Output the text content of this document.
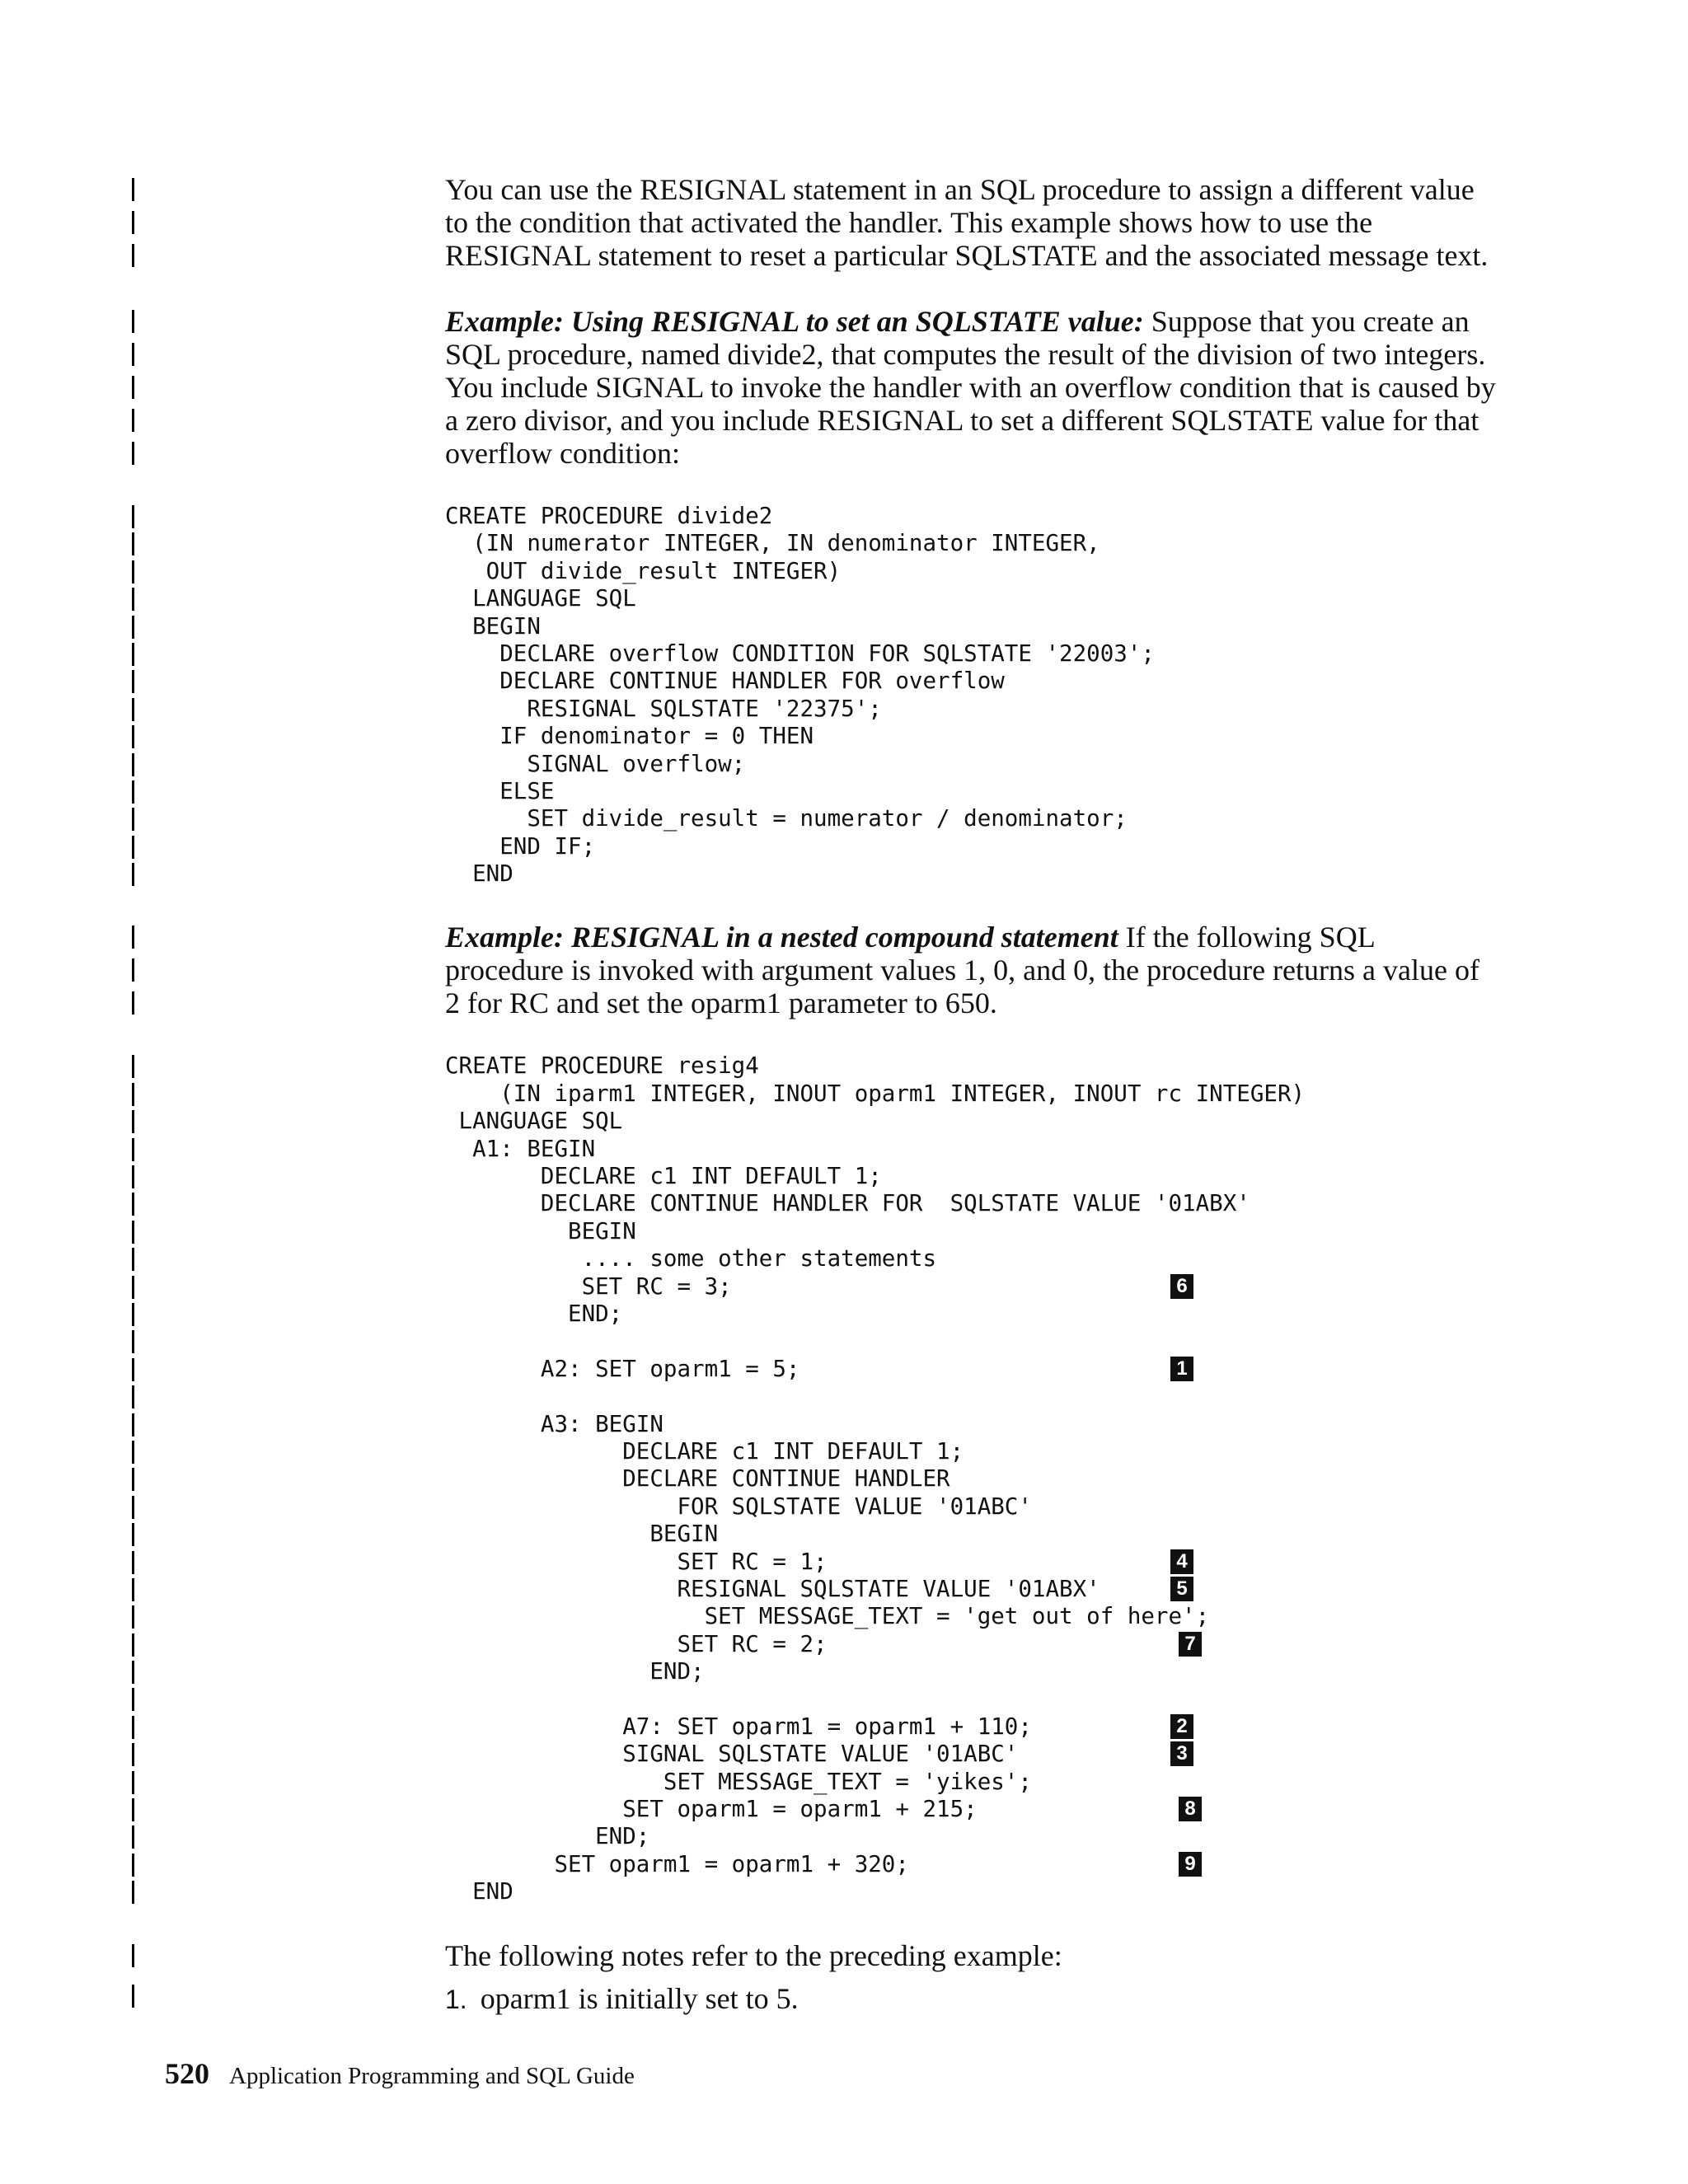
You can use the RESIGNAL statement in an SQL procedure to assign a different value to the condition that activated the handler. This example shows how to use the RESIGNAL statement to reset a particular SQLSTATE and the associated message text.

Example: Using RESIGNAL to set an SQLSTATE value: Suppose that you create an SQL procedure, named divide2, that computes the result of the division of two integers. You include SIGNAL to invoke the handler with an overflow condition that is caused by a zero divisor, and you include RESIGNAL to set a different SQLSTATE value for that overflow condition:

CREATE PROCEDURE divide2
(IN numerator INTEGER, IN denominator INTEGER,
OUT divide_result INTEGER)
LANGUAGE SQL
BEGIN
DECLARE overflow CONDITION FOR SQLSTATE '22003';
DECLARE CONTINUE HANDLER FOR overflow
RESIGNAL SQLSTATE '22375';
IF denominator = 0 THEN
SIGNAL overflow;
ELSE
SET divide_result = numerator / denominator;
END IF;
END

Example: RESIGNAL in a nested compound statement If the following SQL procedure is invoked with argument values 1, 0, and 0, the procedure returns a value of 2 for RC and set the oparm1 parameter to 650.

CREATE PROCEDURE resig4
(IN iparm1 INTEGER, INOUT oparm1 INTEGER, INOUT rc INTEGER)
LANGUAGE SQL
A1: BEGIN
DECLARE c1 INT DEFAULT 1;
DECLARE CONTINUE HANDLER FOR  SQLSTATE VALUE '01ABX'
BEGIN
.... some other statements
SET RC = 3;	6
END;
A2: SET oparm1 = 5;	1
A3: BEGIN
DECLARE c1 INT DEFAULT 1;
DECLARE CONTINUE HANDLER
FOR SQLSTATE VALUE '01ABC'
BEGIN
SET RC = 1;	4
RESIGNAL SQLSTATE VALUE '01ABX'	5
SET MESSAGE_TEXT = 'get out of here';
SET RC = 2;	7
END;
A7: SET oparm1 = oparm1 + 110;	2
SIGNAL SQLSTATE VALUE '01ABC'	3
SET MESSAGE_TEXT = 'yikes';
SET oparm1 = oparm1 + 215;	8
END;
SET oparm1 = oparm1 + 320;	9
END

The following notes refer to the preceding example:

1. oparm1 is initially set to 5.
520 Application Programming and SQL Guide
